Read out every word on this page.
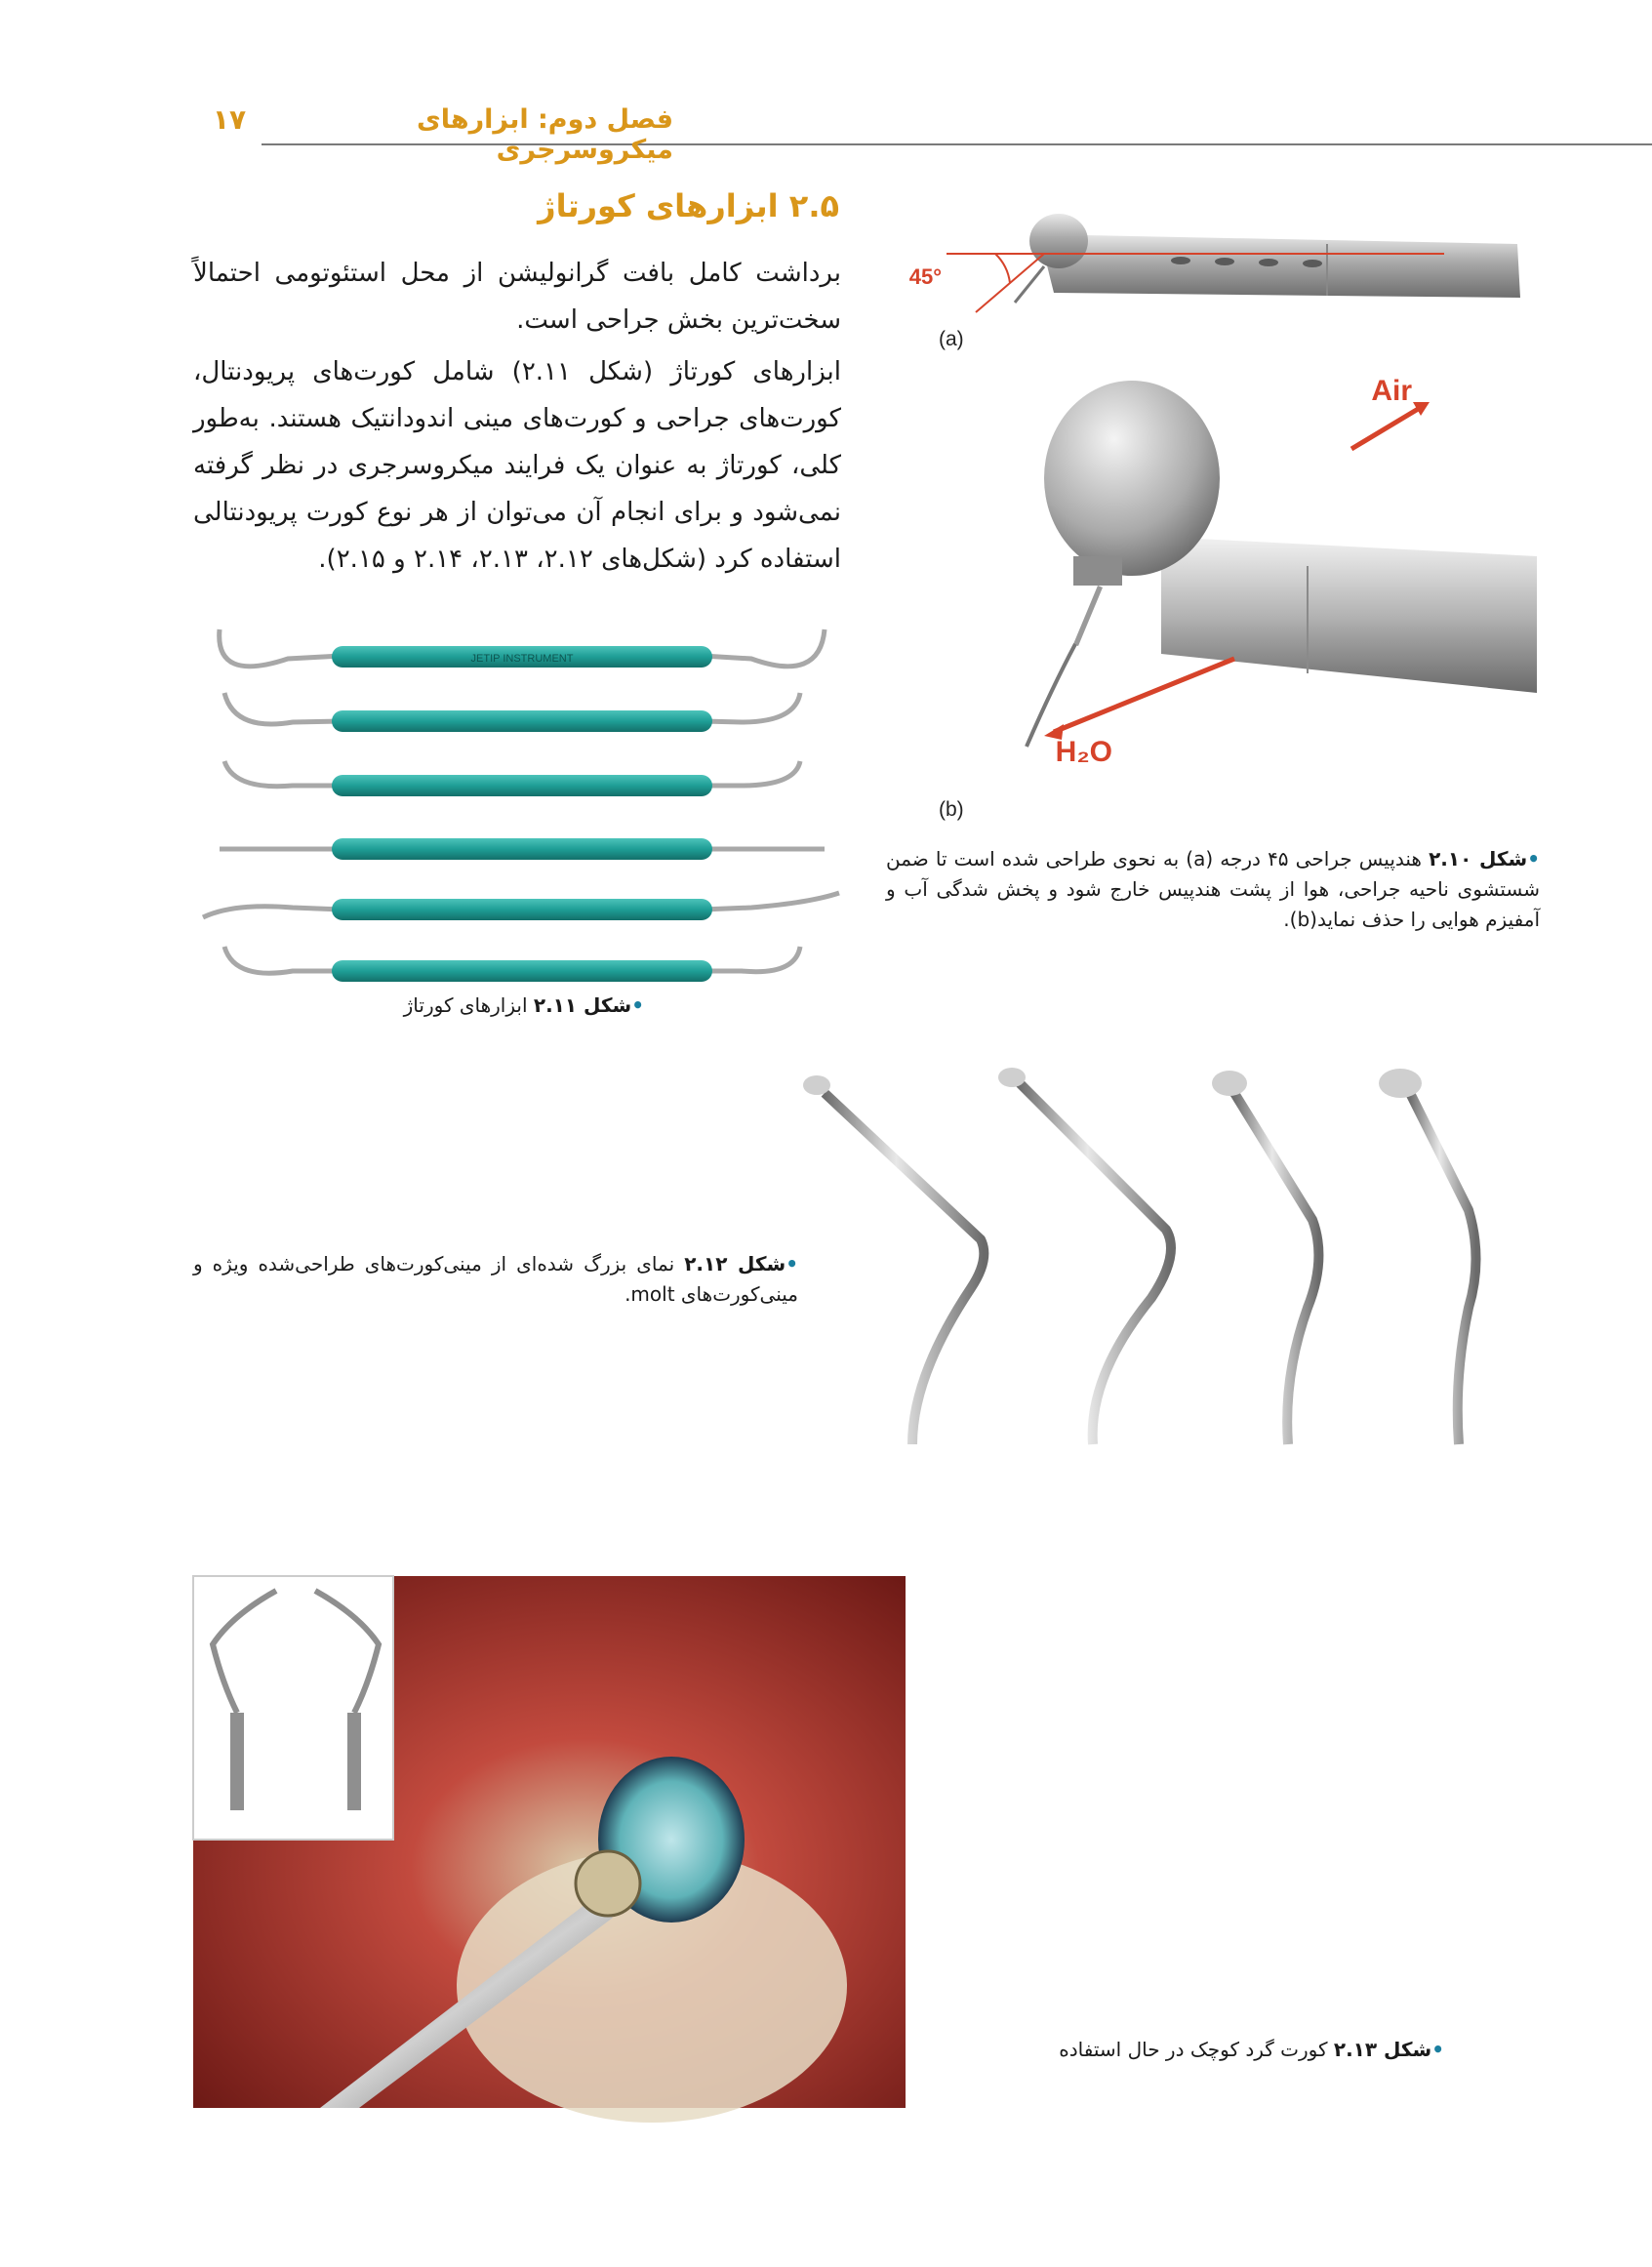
فصل دوم: ابزارهای میکروسرجری
۱۷
۲.۵ ابزارهای کورتاژ
برداشت کامل بافت گرانولیشن از محل استئوتومی احتمالاً سخت‌ترین بخش جراحی است.
ابزارهای کورتاژ (شکل ۲.۱۱) شامل کورت‌های پریودنتال، کورت‌های جراحی و کورت‌های مینی اندودانتیک هستند. به‌طور کلی، کورتاژ به عنوان یک فرایند میکروسرجری در نظر گرفته نمی‌شود و برای انجام آن می‌توان از هر نوع کورت پریودنتالی استفاده کرد (شکل‌های ۲.۱۲، ۲.۱۳، ۲.۱۴ و ۲.۱۵).
45°
(a)
Air
H₂O
(b)
•شکل ۲.۱۰ هندپیس جراحی ۴۵ درجه (a) به نحوی طراحی شده است تا ضمن شستشوی ناحیه جراحی، هوا از پشت هندپیس خارج شود و پخش شدگی آب و آمفیزم هوایی را حذف نماید(b).
JETIP INSTRUMENT
•شکل ۲.۱۱ ابزارهای کورتاژ
•شکل ۲.۱۲ نمای بزرگ شده‌ای از مینی‌کورت‌های طراحی‌شده ویژه و مینی‌کورت‌های molt.
•شکل ۲.۱۳ کورت گرد کوچک در حال استفاده
